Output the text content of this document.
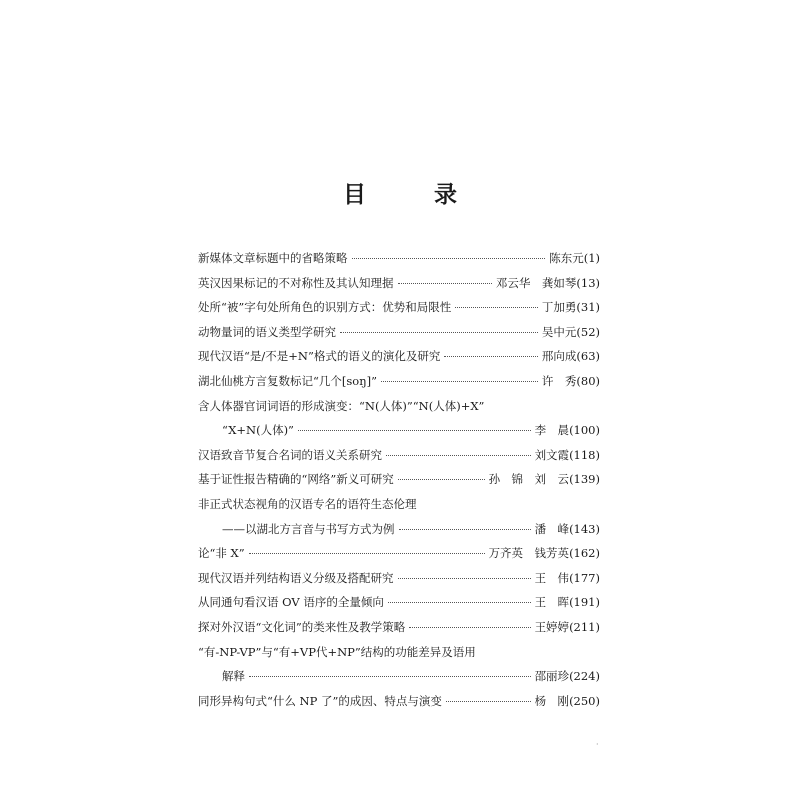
目 录
新媒体文章标题中的省略策略	陈东元 (1)
英汉因果标记的不对称性及其认知理据	邓云华　龚如琴 (13)
处所“被”字句处所角色的识别方式：优势和局限性	丁加勇 (31)
动物量词的语义类型学研究	吴中元 (52)
现代汉语“是/不是+N”格式的语义的演化及研究	邢向成 (63)
湖北仙桃方言复数标记“几个[soŋ]”	许　秀 (80)
含人体器官词词语的形成演变：“N(人体)”“N(人体)+X”
“X+N(人体)”	李　晨 (100)
汉语致音节复合名词的语义关系研究	刘文霞 (118)
基于证性报告精确的“网络”新义可研究	孙　锦　刘　云 (139)
非正式状态视角的汉语专名的语符生态伦理
——以湖北方言音与书写方式为例	潘　峰 (143)
论“非 X”	万齐英　钱芳英 (162)
现代汉语并列结构语义分级及搭配研究	王　伟 (177)
从同通句看汉语 OV 语序的全量倾向	王　晖 (191)
探对外汉语“文化词”的类来性及教学策略	王婷婷 (211)
“有-NP-VP”与“有+VP代+NP”结构的功能差异及语用
解释	邵丽珍 (224)
同形异构句式“什么 NP 了”的成因、特点与演变	杨　刚 (250)
·
